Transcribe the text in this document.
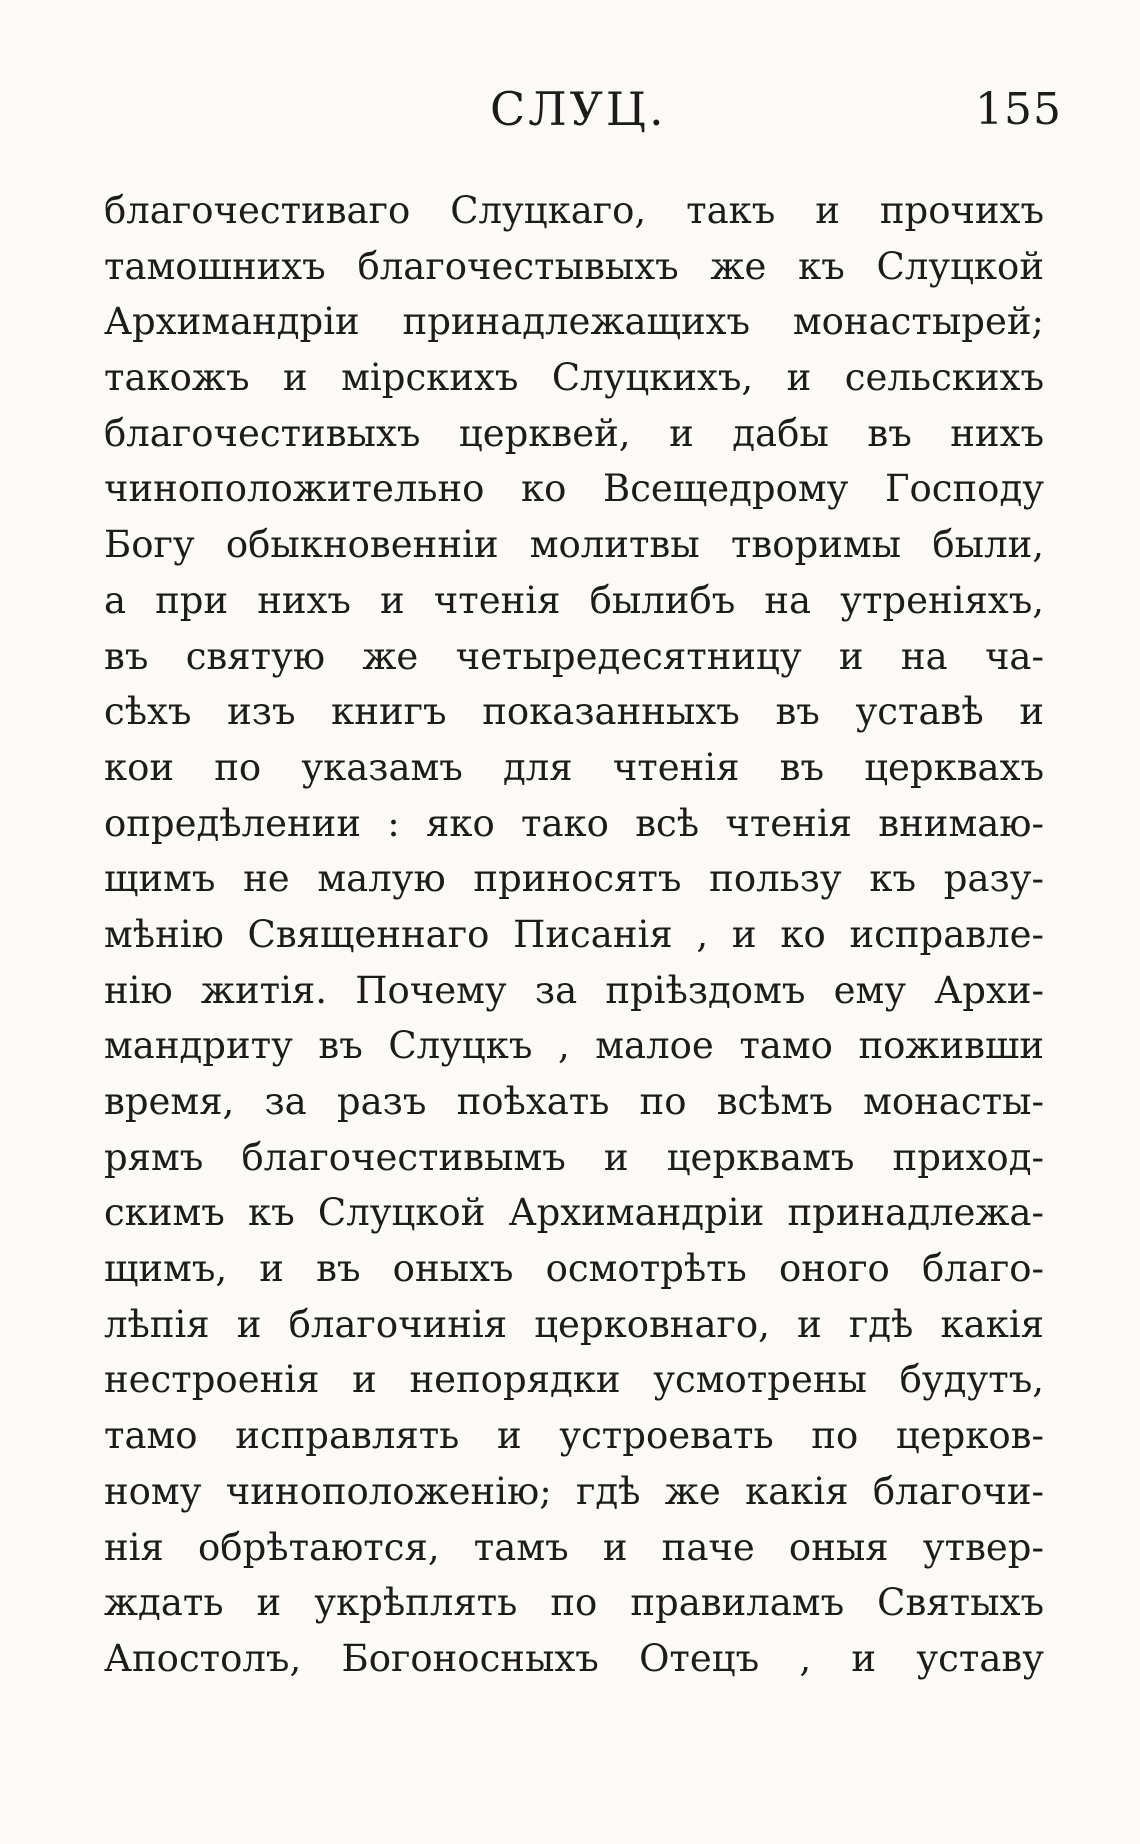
СЛУЦ.	155
благочестиваго Слуцкаго, такъ и прочихъ
тамошнихъ благочестывыхъ же къ Слуцкой
Архимандріи принадлежащихъ монастырей;
такожъ и мірскихъ Слуцкихъ, и сельскихъ
благочестивыхъ церквей, и дабы въ нихъ
чиноположительно ко Всещедрому Господу
Богу обыкновенніи молитвы творимы были,
а при нихъ и чтенія былибъ на утреніяхъ,
въ святую же четыредесятницу и на ча-
сѣхъ изъ книгъ показанныхъ въ уставѣ и
кои по указамъ для чтенія въ церквахъ
опредѣлении : яко тако всѣ чтенія внимаю-
щимъ не малую приносятъ пользу къ разу-
мѣнію Священнаго Писанія , и ко исправле-
нію житія. Почему за пріѣздомъ ему Архи-
мандриту въ Слуцкъ , малое тамо поживши
время, за разъ поѣхать по всѣмъ монасты-
рямъ благочестивымъ и церквамъ приход-
скимъ къ Слуцкой Архимандріи принадлежа-
щимъ, и въ оныхъ осмотрѣть оного благо-
лѣпія и благочинія церковнаго, и гдѣ какія
нестроенія и непорядки усмотрены будутъ,
тамо исправлять и устроевать по церков-
ному чиноположенію; гдѣ же какія благочи-
нія обрѣтаются, тамъ и паче оныя утвер-
ждать и укрѣплять по правиламъ Святыхъ
Апостолъ, Богоносныхъ Отецъ , и уставу
